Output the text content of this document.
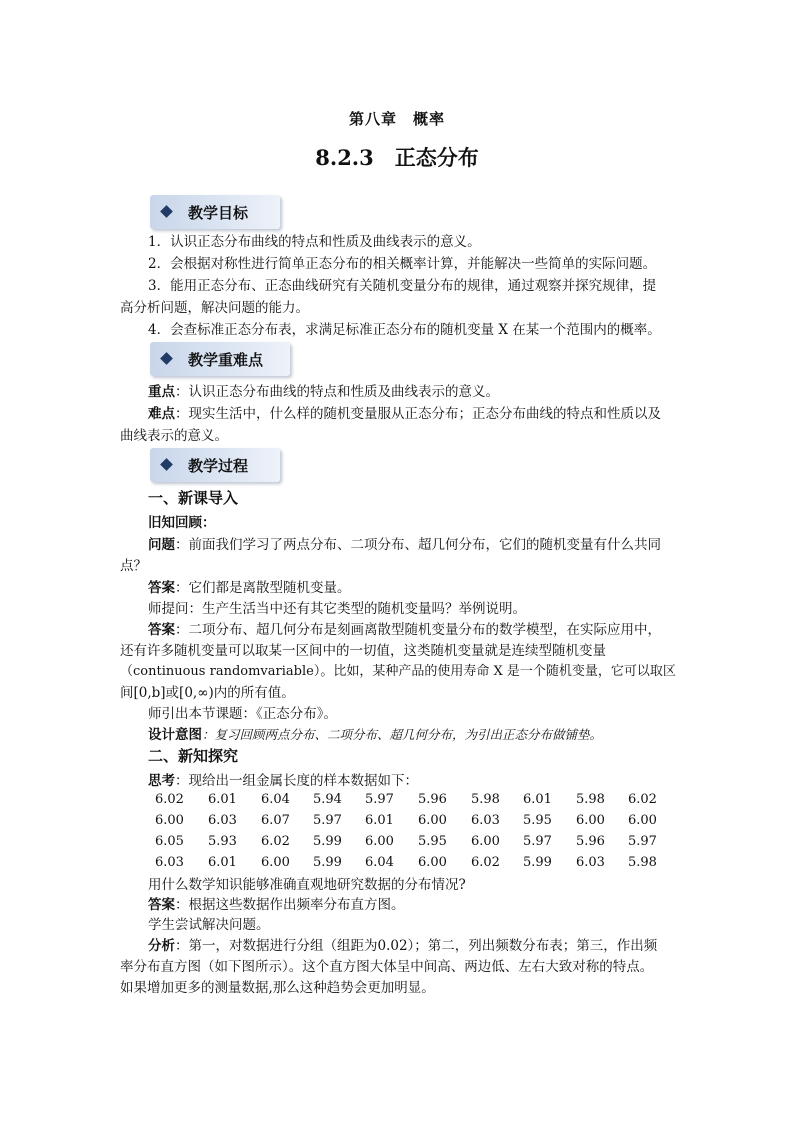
第八章　概率
8.2.3　正态分布
教学目标
1．认识正态分布曲线的特点和性质及曲线表示的意义。
2．会根据对称性进行简单正态分布的相关概率计算，并能解决一些简单的实际问题。
3．能用正态分布、正态曲线研究有关随机变量分布的规律，通过观察并探究规律，提
高分析问题，解决问题的能力。
4．会查标准正态分布表，求满足标准正态分布的随机变量 X 在某一个范围内的概率。
教学重难点
重点：认识正态分布曲线的特点和性质及曲线表示的意义。
难点：现实生活中，什么样的随机变量服从正态分布；正态分布曲线的特点和性质以及
曲线表示的意义。
教学过程
一、新课导入
旧知回顾：
问题：前面我们学习了两点分布、二项分布、超几何分布，它们的随机变量有什么共同
点？
答案：它们都是离散型随机变量。
师提问：生产生活当中还有其它类型的随机变量吗？举例说明。
答案：二项分布、超几何分布是刻画离散型随机变量分布的数学模型，在实际应用中，
还有许多随机变量可以取某一区间中的一切值，这类随机变量就是连续型随机变量
（continuous randomvariable）。比如，某种产品的使用寿命 X 是一个随机变量，它可以取区
间[0,b]或[0,∞)内的所有值。
师引出本节课题：《正态分布》。
设计意图：复习回顾两点分布、二项分布、超几何分布，为引出正态分布做铺垫。
二、新知探究
思考：现给出一组金属长度的样本数据如下：
6.02	6.01	6.04	5.94	5.97	5.96	5.98	6.01	5.98	6.02
6.00	6.03	6.07	5.97	6.01	6.00	6.03	5.95	6.00	6.00
6.05	5.93	6.02	5.99	6.00	5.95	6.00	5.97	5.96	5.97
6.03	6.01	6.00	5.99	6.04	6.00	6.02	5.99	6.03	5.98
用什么数学知识能够准确直观地研究数据的分布情况?
答案：根据这些数据作出频率分布直方图。
学生尝试解决问题。
分析：第一，对数据进行分组（组距为0.02）；第二，列出频数分布表；第三，作出频
率分布直方图（如下图所示）。这个直方图大体呈中间高、两边低、左右大致对称的特点。
如果增加更多的测量数据,那么这种趋势会更加明显。
